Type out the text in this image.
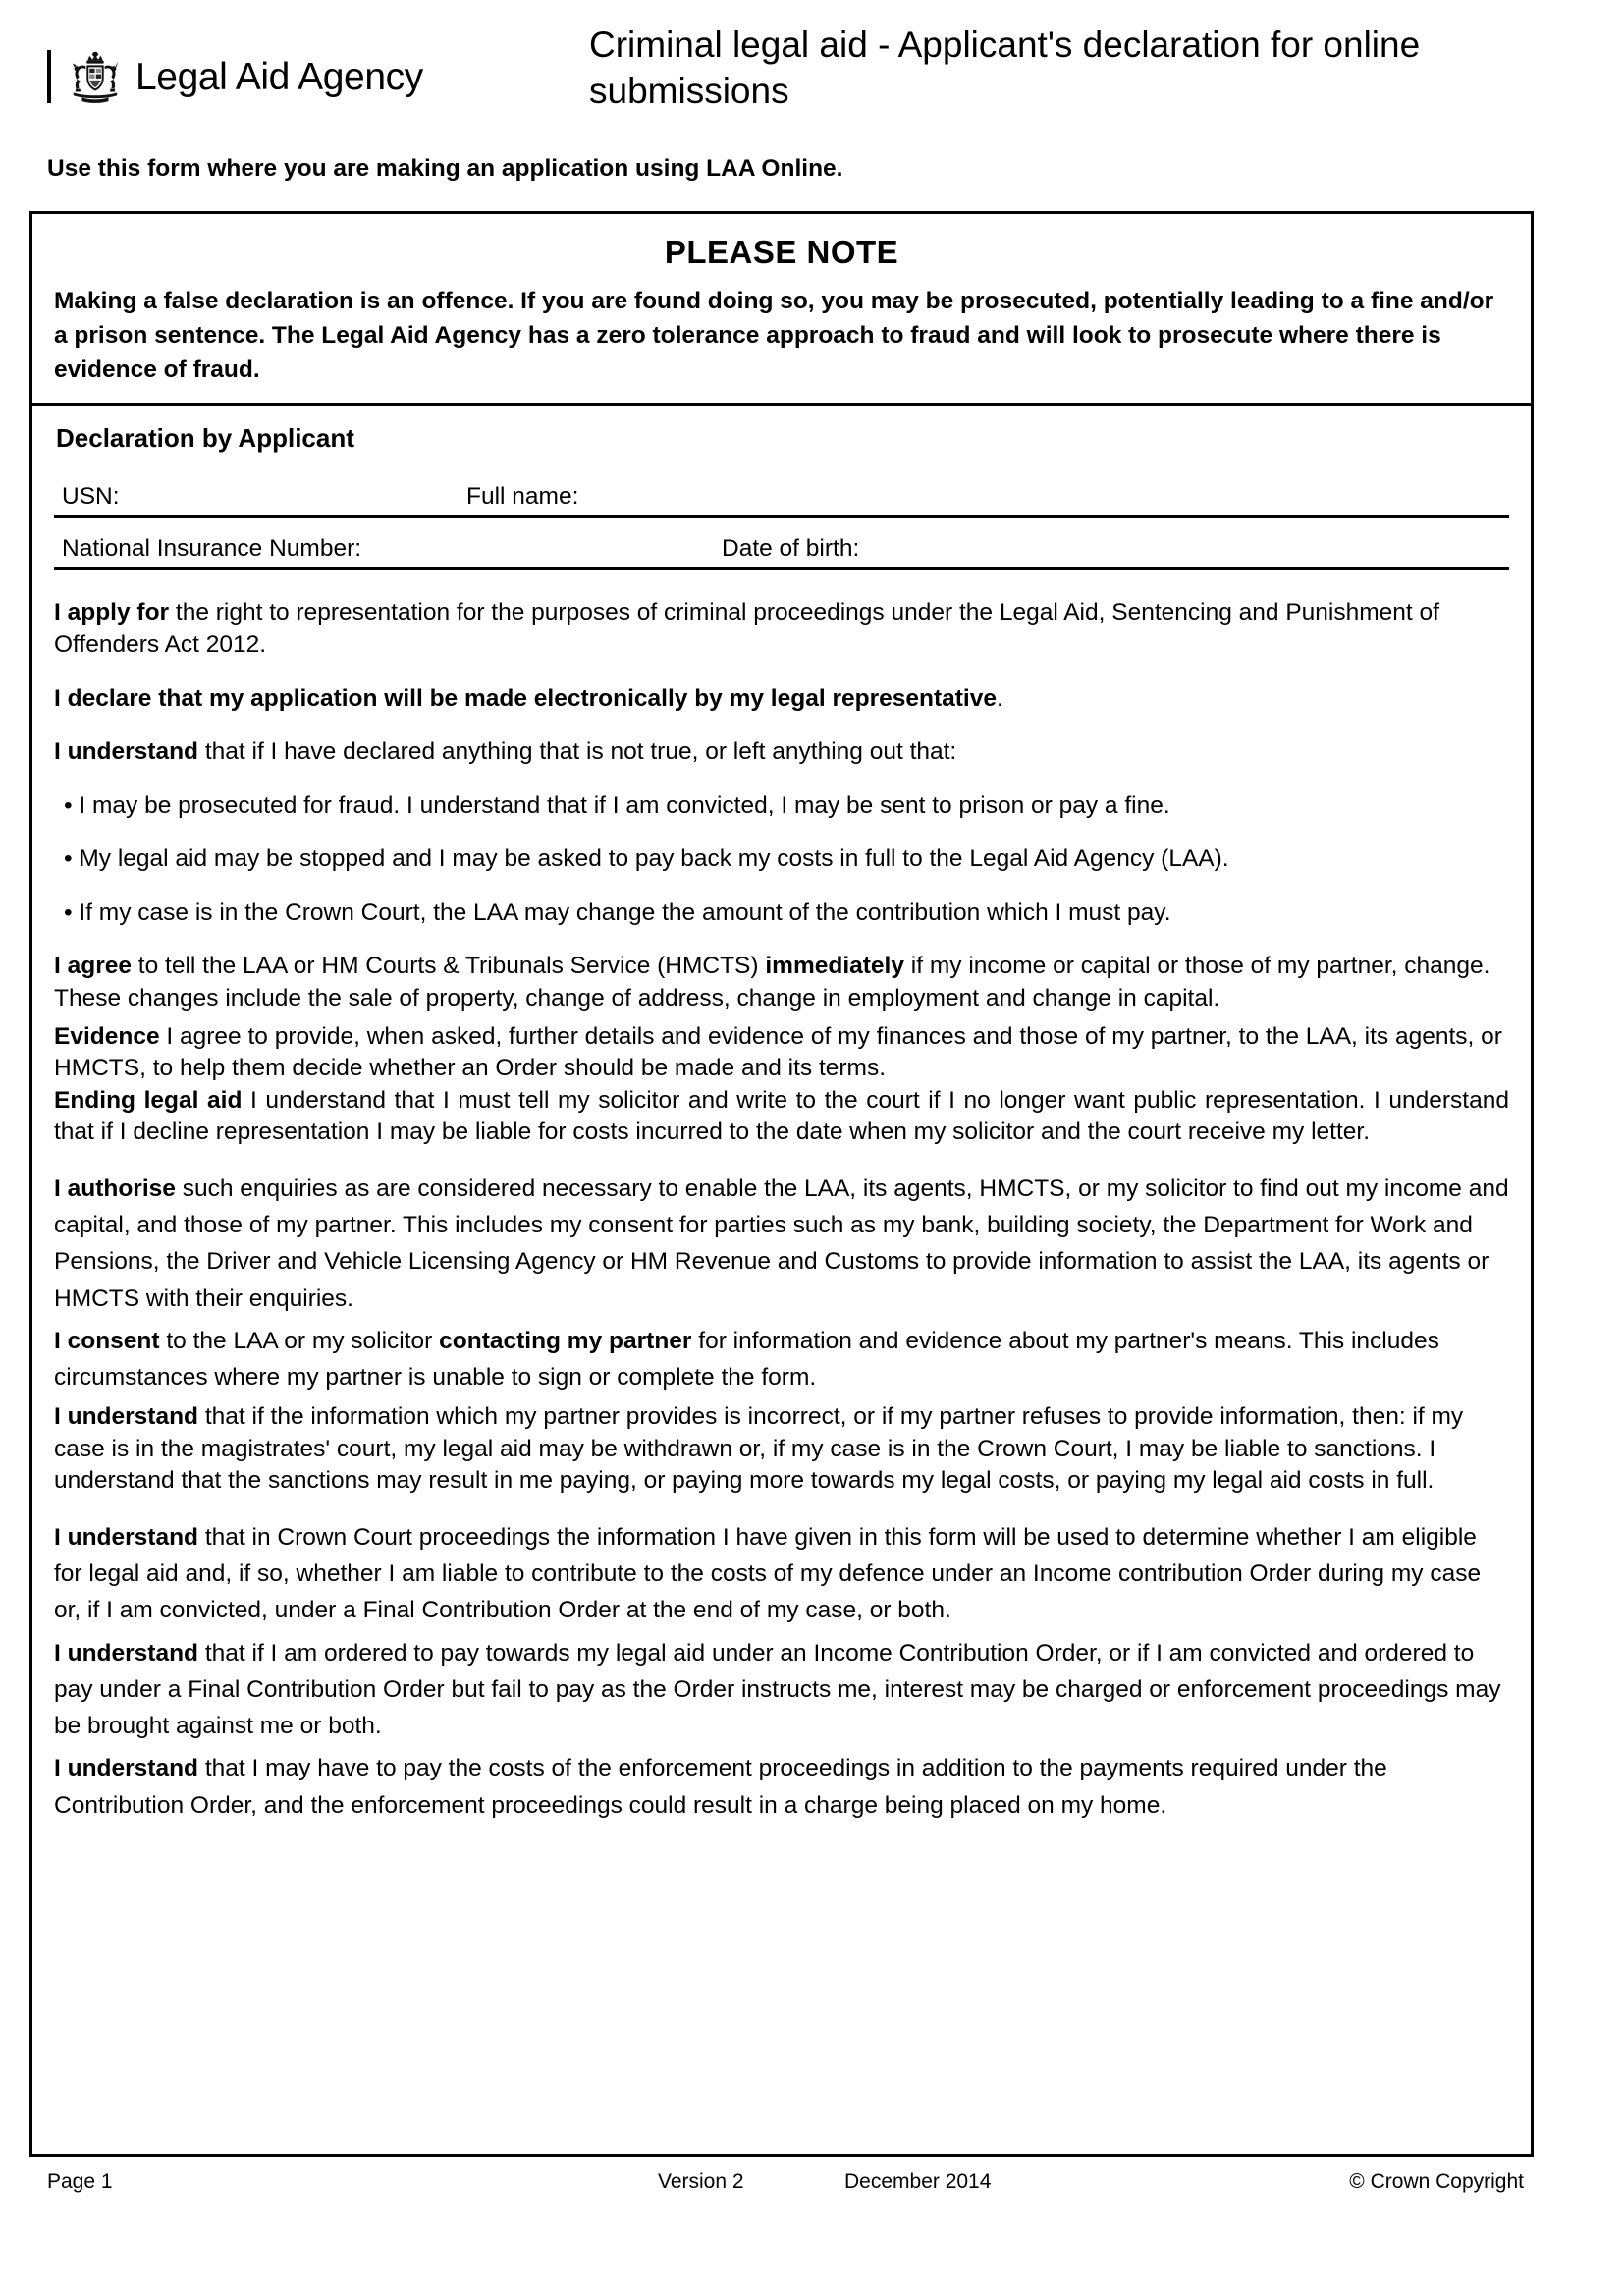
Legal Aid Agency
Criminal legal aid - Applicant's declaration for online submissions
Use this form where you are making an application using LAA Online.
PLEASE NOTE
Making a false declaration is an offence. If you are found doing so, you may be prosecuted, potentially leading to a fine and/or a prison sentence. The Legal Aid Agency has a zero tolerance approach to fraud and will look to prosecute where there is evidence of fraud.
Declaration by Applicant
USN:	Full name:
National Insurance Number:	Date of birth:

I apply for the right to representation for the purposes of criminal proceedings under the Legal Aid, Sentencing and Punishment of Offenders Act 2012.

I declare that my application will be made electronically by my legal representative.

I understand that if I have declared anything that is not true, or left anything out that:

• I may be prosecuted for fraud. I understand that if I am convicted, I may be sent to prison or pay a fine.

• My legal aid may be stopped and I may be asked to pay back my costs in full to the Legal Aid Agency (LAA).

• If my case is in the Crown Court, the LAA may change the amount of the contribution which I must pay.

I agree to tell the LAA or HM Courts & Tribunals Service (HMCTS) immediately if my income or capital or those of my partner, change. These changes include the sale of property, change of address, change in employment and change in capital.

Evidence I agree to provide, when asked, further details and evidence of my finances and those of my partner, to the LAA, its agents, or HMCTS, to help them decide whether an Order should be made and its terms.

Ending legal aid I understand that I must tell my solicitor and write to the court if I no longer want public representation. I understand that if I decline representation I may be liable for costs incurred to the date when my solicitor and the court receive my letter.

I authorise such enquiries as are considered necessary to enable the LAA, its agents, HMCTS, or my solicitor to find out my income and capital, and those of my partner. This includes my consent for parties such as my bank, building society, the Department for Work and Pensions, the Driver and Vehicle Licensing Agency or HM Revenue and Customs to provide information to assist the LAA, its agents or HMCTS with their enquiries.

I consent to the LAA or my solicitor contacting my partner for information and evidence about my partner's means. This includes circumstances where my partner is unable to sign or complete the form.

I understand that if the information which my partner provides is incorrect, or if my partner refuses to provide information, then: if my case is in the magistrates' court, my legal aid may be withdrawn or, if my case is in the Crown Court, I may be liable to sanctions. I understand that the sanctions may result in me paying, or paying more towards my legal costs, or paying my legal aid costs in full.

I understand that in Crown Court proceedings the information I have given in this form will be used to determine whether I am eligible for legal aid and, if so, whether I am liable to contribute to the costs of my defence under an Income contribution Order during my case or, if I am convicted, under a Final Contribution Order at the end of my case, or both.

I understand that if I am ordered to pay towards my legal aid under an Income Contribution Order, or if I am convicted and ordered to pay under a Final Contribution Order but fail to pay as the Order instructs me, interest may be charged or enforcement proceedings may be brought against me or both.

I understand that I may have to pay the costs of the enforcement proceedings in addition to the payments required under the Contribution Order, and the enforcement proceedings could result in a charge being placed on my home.

Page 1	Version 2	December 2014	© Crown Copyright
